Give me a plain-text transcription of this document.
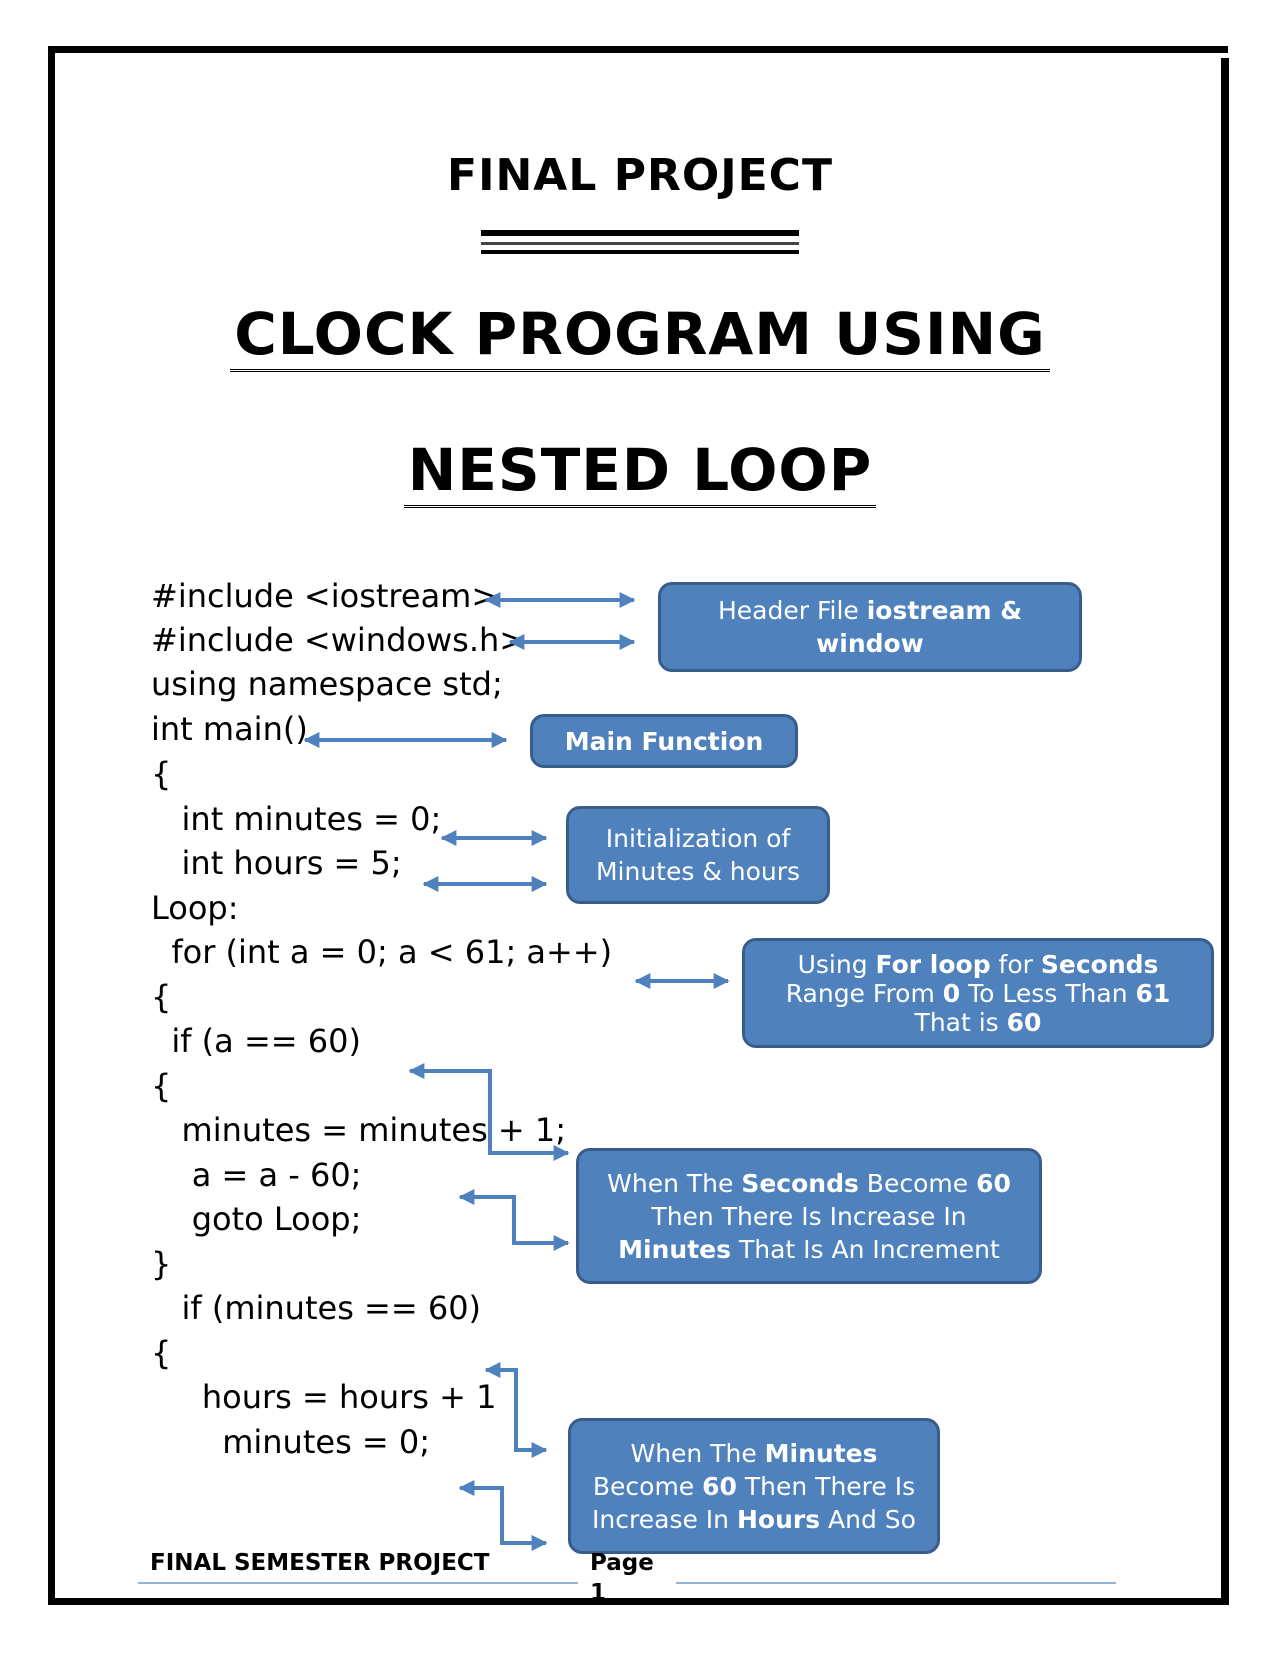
FINAL PROJECT
CLOCK PROGRAM USING
NESTED LOOP
#include <iostream>
#include <windows.h>
using namespace std;
int main()
{
int minutes = 0;
int hours = 5;
Loop:
for (int a = 0; a < 61; a++)
{
if (a == 60)
{
minutes = minutes + 1;
a = a - 60;
goto Loop;
}
if (minutes == 60)
{
hours = hours + 1
minutes = 0;
Header File iostream &
window
Main Function
Initialization of
Minutes & hours
Using For loop for Seconds
Range From 0 To Less Than 61
That is 60
When The Seconds Become 60
Then There Is Increase In
Minutes That Is An Increment
When The Minutes
Become 60 Then There Is
Increase In Hours And So
FINAL SEMESTER PROJECT	Page
1
